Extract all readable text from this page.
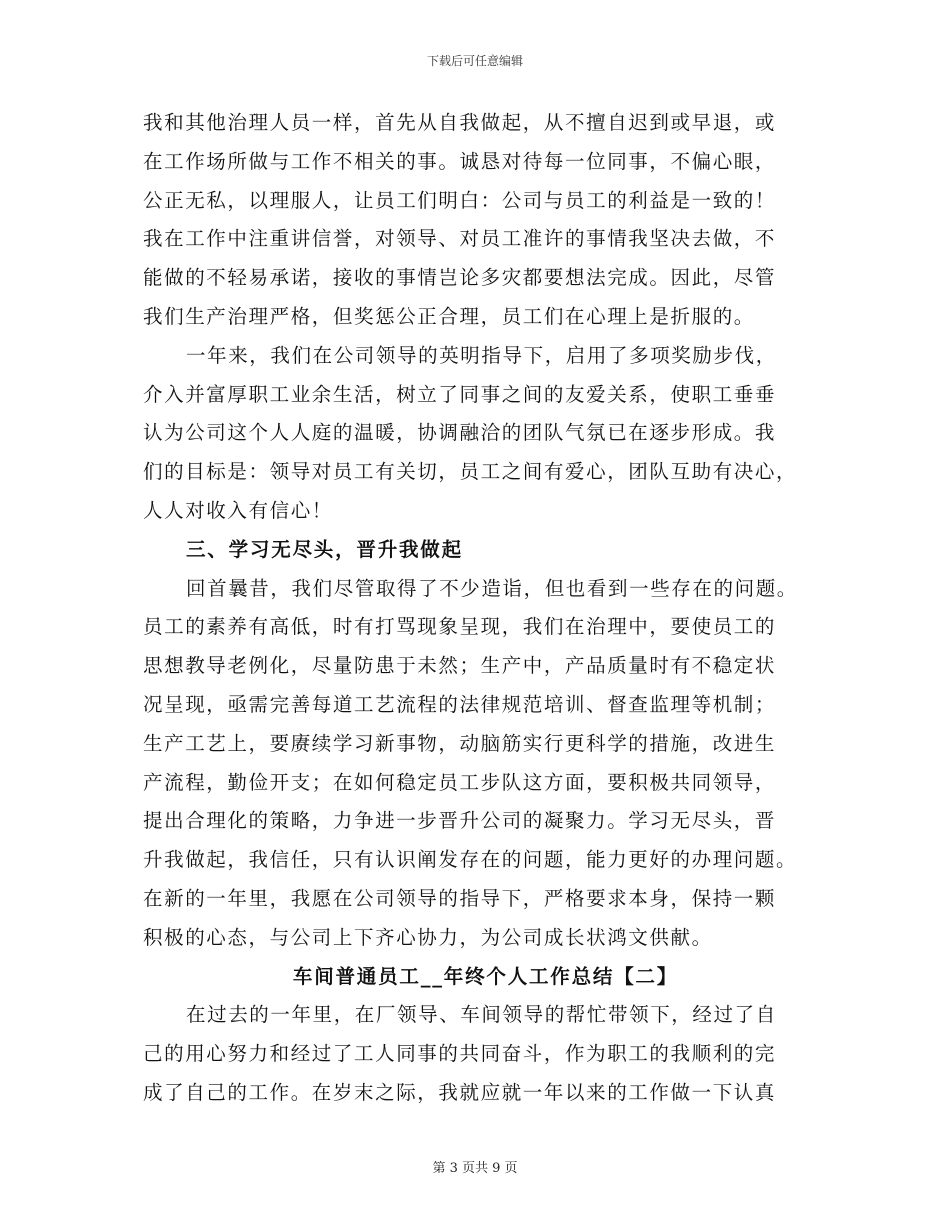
下载后可任意编辑
我和其他治理人员一样，首先从自我做起，从不擅自迟到或早退，或
在工作场所做与工作不相关的事。诚恳对待每一位同事，不偏心眼，
公正无私，以理服人，让员工们明白：公司与员工的利益是一致的！
我在工作中注重讲信誉，对领导、对员工准许的事情我坚决去做，不
能做的不轻易承诺，接收的事情岂论多灾都要想法完成。因此，尽管
我们生产治理严格，但奖惩公正合理，员工们在心理上是折服的。
一年来，我们在公司领导的英明指导下，启用了多项奖励步伐，
介入并富厚职工业余生活，树立了同事之间的友爱关系，使职工垂垂
认为公司这个人人庭的温暖，协调融洽的团队气氛已在逐步形成。我
们的目标是：领导对员工有关切，员工之间有爱心，团队互助有决心，
人人对收入有信心！
三、学习无尽头，晋升我做起
回首曩昔，我们尽管取得了不少造诣，但也看到一些存在的问题。
员工的素养有高低，时有打骂现象呈现，我们在治理中，要使员工的
思想教导老例化，尽量防患于未然；生产中，产品质量时有不稳定状
况呈现，亟需完善每道工艺流程的法律规范培训、督查监理等机制；
生产工艺上，要赓续学习新事物，动脑筋实行更科学的措施，改进生
产流程，勤俭开支；在如何稳定员工步队这方面，要积极共同领导，
提出合理化的策略，力争进一步晋升公司的凝聚力。学习无尽头，晋
升我做起，我信任，只有认识阐发存在的问题，能力更好的办理问题。
在新的一年里，我愿在公司领导的指导下，严格要求本身，保持一颗
积极的心态，与公司上下齐心协力，为公司成长状鸿文供献。
车间普通员工__年终个人工作总结【二】
在过去的一年里，在厂领导、车间领导的帮忙带领下，经过了自
己的用心努力和经过了工人同事的共同奋斗，作为职工的我顺利的完
成了自己的工作。在岁末之际，我就应就一年以来的工作做一下认真
第 3 页共 9 页
